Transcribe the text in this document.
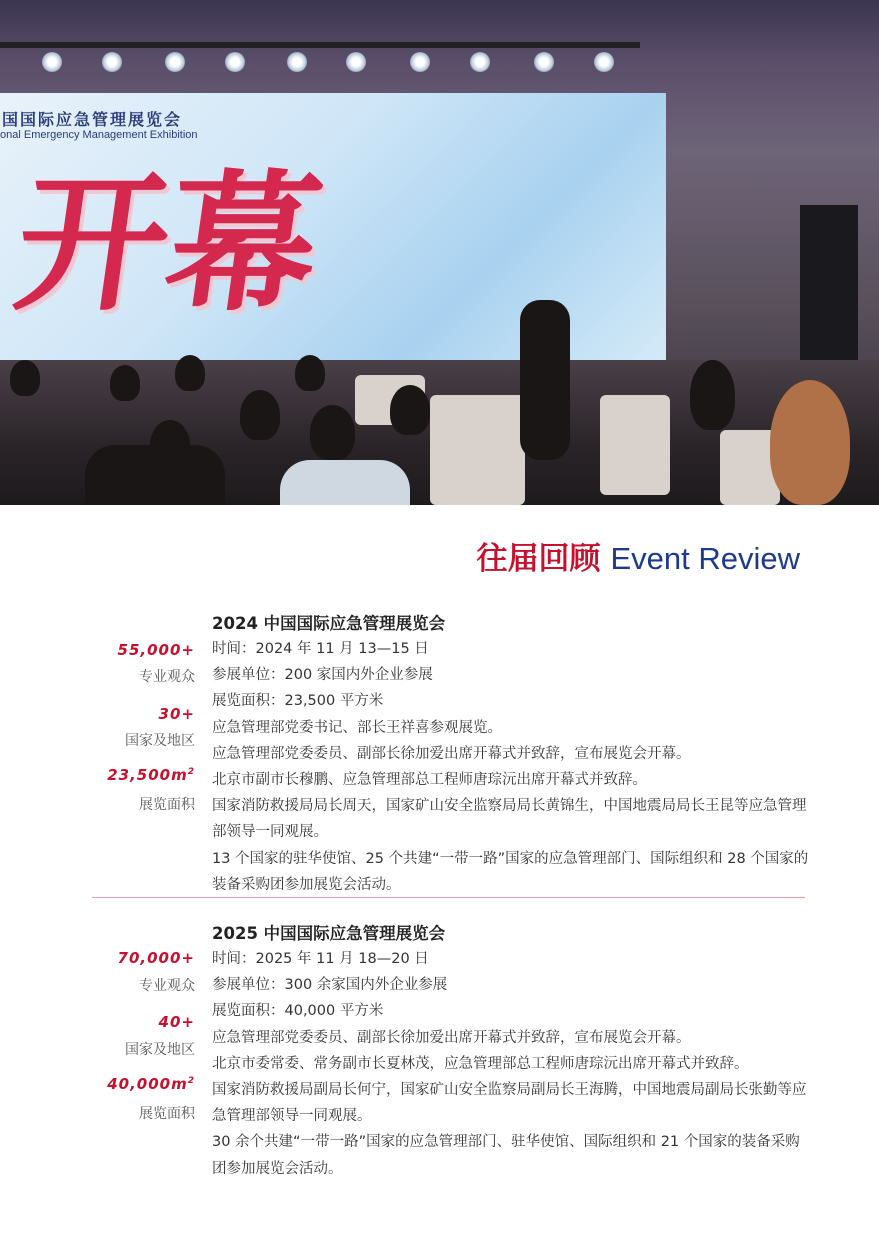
国国际应急管理展览会
onal Emergency Management Exhibition
开幕
往届回顾 Event Review
2024 中国国际应急管理展览会
时间：2024 年 11 月 13—15 日
参展单位：200 家国内外企业参展
展览面积：23,500 平方米
应急管理部党委书记、部长王祥喜参观展览。
应急管理部党委委员、副部长徐加爱出席开幕式并致辞，宣布展览会开幕。
北京市副市长穆鹏、应急管理部总工程师唐琮沅出席开幕式并致辞。
国家消防救援局局长周天，国家矿山安全监察局局长黄锦生，中国地震局局长王昆等应急管理部领导一同观展。
13 个国家的驻华使馆、25 个共建“一带一路”国家的应急管理部门、国际组织和 28 个国家的装备采购团参加展览会活动。
55,000+
专业观众
30+
国家及地区
$23,500m^2$
展览面积
2025 中国国际应急管理展览会
时间：2025 年 11 月 18—20 日
参展单位：300 余家国内外企业参展
展览面积：40,000 平方米
应急管理部党委委员、副部长徐加爱出席开幕式并致辞，宣布展览会开幕。
北京市委常委、常务副市长夏林茂，应急管理部总工程师唐琮沅出席开幕式并致辞。
国家消防救援局副局长何宁，国家矿山安全监察局副局长王海腾，中国地震局副局长张勤等应急管理部领导一同观展。
30 余个共建“一带一路”国家的应急管理部门、驻华使馆、国际组织和 21 个国家的装备采购团参加展览会活动。
70,000+
专业观众
40+
国家及地区
$40,000m^2$
展览面积
